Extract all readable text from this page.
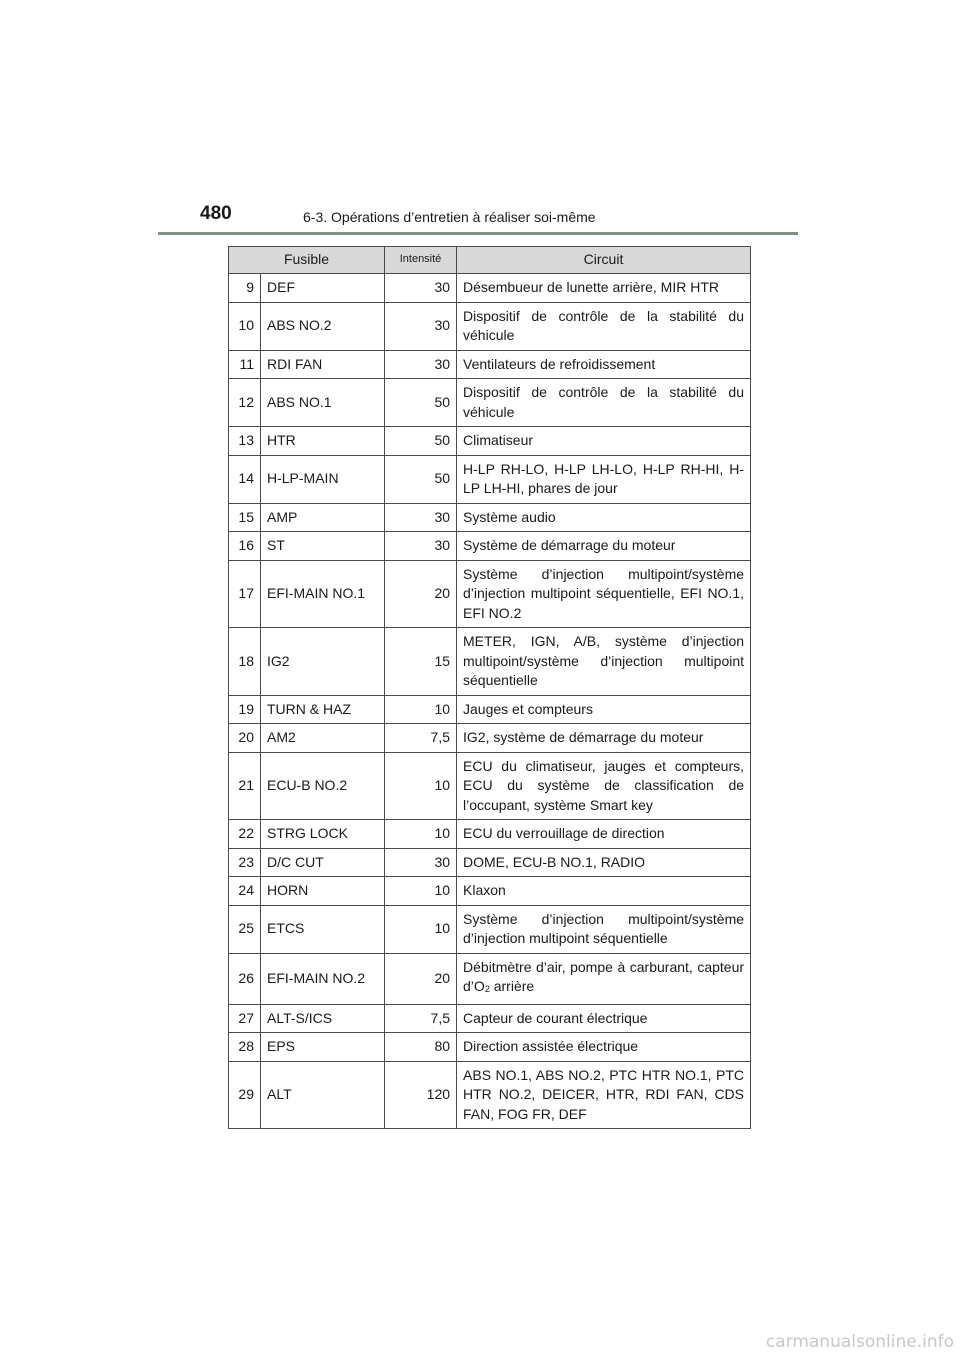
480	6-3. Opérations d’entretien à réaliser soi-même
Fusible		Intensité	Circuit
9	DEF	30	Désembueur de lunette arrière, MIR HTR
10	ABS NO.2	30	Dispositif de contrôle de la stabilité du véhicule
11	RDI FAN	30	Ventilateurs de refroidissement
12	ABS NO.1	50	Dispositif de contrôle de la stabilité du véhicule
13	HTR	50	Climatiseur
14	H-LP-MAIN	50	H-LP RH-LO, H-LP LH-LO, H-LP RH-HI, H-LP LH-HI, phares de jour
15	AMP	30	Système audio
16	ST	30	Système de démarrage du moteur
17	EFI-MAIN NO.1	20	Système d’injection multipoint/système d’injection multipoint séquentielle, EFI NO.1, EFI NO.2
18	IG2	15	METER, IGN, A/B, système d’injection multipoint/système d’injection multipoint séquentielle
19	TURN & HAZ	10	Jauges et compteurs
20	AM2	7,5	IG2, système de démarrage du moteur
21	ECU-B NO.2	10	ECU du climatiseur, jauges et compteurs, ECU du système de classification de l’occupant, système Smart key
22	STRG LOCK	10	ECU du verrouillage de direction
23	D/C CUT	30	DOME, ECU-B NO.1, RADIO
24	HORN	10	Klaxon
25	ETCS	10	Système d’injection multipoint/système d’injection multipoint séquentielle
26	EFI-MAIN NO.2	20	Débitmètre d’air, pompe à carburant, capteur $d’O_2$ arrière
27	ALT-S/ICS	7,5	Capteur de courant électrique
28	EPS	80	Direction assistée électrique
29	ALT	120	ABS NO.1, ABS NO.2, PTC HTR NO.1, PTC HTR NO.2, DEICER, HTR, RDI FAN, CDS FAN, FOG FR, DEF
carmanualsonline.info
